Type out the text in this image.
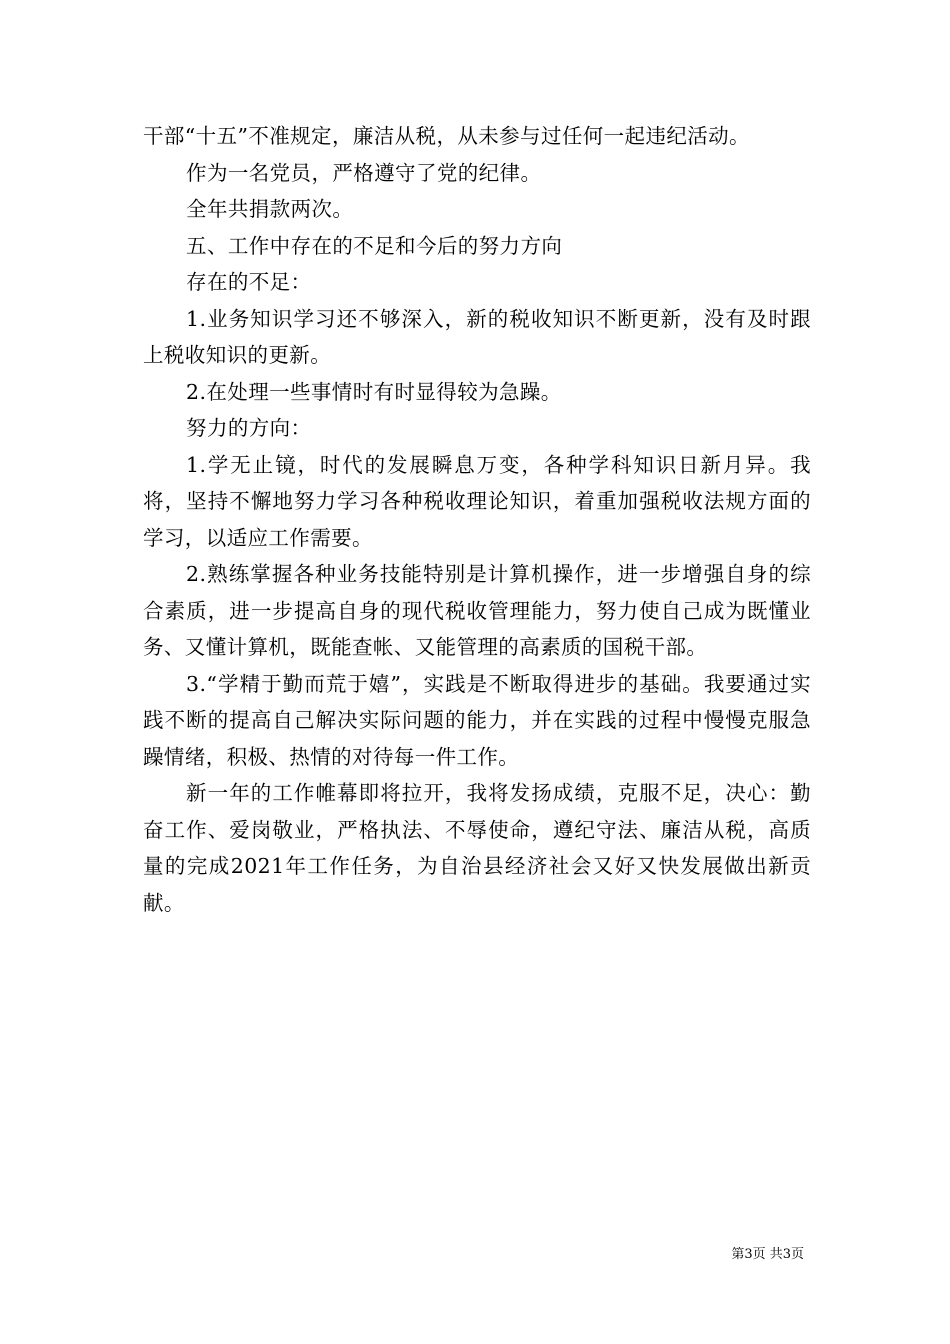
干部“十五”不准规定，廉洁从税，从未参与过任何一起违纪活动。

作为一名党员，严格遵守了党的纪律。

全年共捐款两次。

五、工作中存在的不足和今后的努力方向

存在的不足：

1.业务知识学习还不够深入，新的税收知识不断更新，没有及时跟上税收知识的更新。

2.在处理一些事情时有时显得较为急躁。

努力的方向：

1.学无止镜，时代的发展瞬息万变，各种学科知识日新月异。我将，坚持不懈地努力学习各种税收理论知识，着重加强税收法规方面的学习，以适应工作需要。

2.熟练掌握各种业务技能特别是计算机操作，进一步增强自身的综合素质，进一步提高自身的现代税收管理能力，努力使自己成为既懂业务、又懂计算机，既能查帐、又能管理的高素质的国税干部。

3.“学精于勤而荒于嬉”，实践是不断取得进步的基础。我要通过实践不断的提高自己解决实际问题的能力，并在实践的过程中慢慢克服急躁情绪，积极、热情的对待每一件工作。

新一年的工作帷幕即将拉开，我将发扬成绩，克服不足，决心：勤奋工作、爱岗敬业，严格执法、不辱使命，遵纪守法、廉洁从税，高质量的完成2021年工作任务，为自治县经济社会又好又快发展做出新贡献。

第3页 共3页
